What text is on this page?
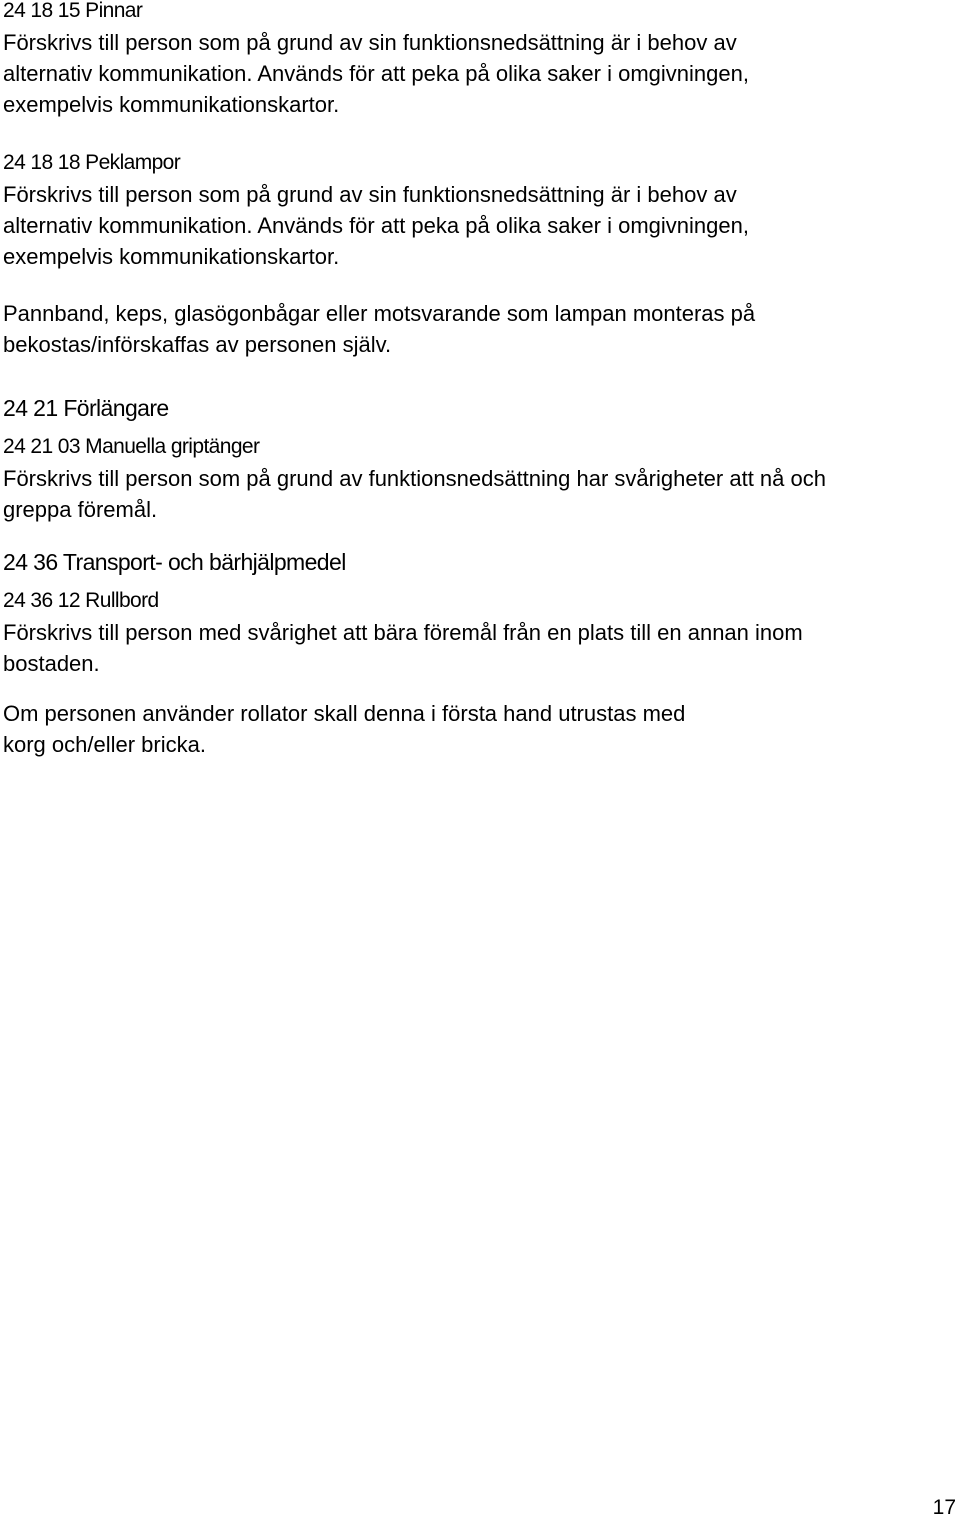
24 18 15 Pinnar
Förskrivs till person som på grund av sin funktionsnedsättning är i behov av
alternativ kommunikation. Används för att peka på olika saker i omgivningen,
exempelvis kommunikationskartor.
24 18 18 Peklampor
Förskrivs till person som på grund av sin funktionsnedsättning är i behov av
alternativ kommunikation. Används för att peka på olika saker i omgivningen,
exempelvis kommunikationskartor.
Pannband, keps, glasögonbågar eller motsvarande som lampan monteras på
bekostas/införskaffas av personen själv.
24 21 Förlängare
24 21 03 Manuella griptänger
Förskrivs till person som på grund av funktionsnedsättning har svårigheter att nå och
greppa föremål.
24 36 Transport- och bärhjälpmedel
24 36 12 Rullbord
Förskrivs till person med svårighet att bära föremål från en plats till en annan inom
bostaden.
Om personen använder rollator skall denna i första hand utrustas med
korg och/eller bricka.
17
